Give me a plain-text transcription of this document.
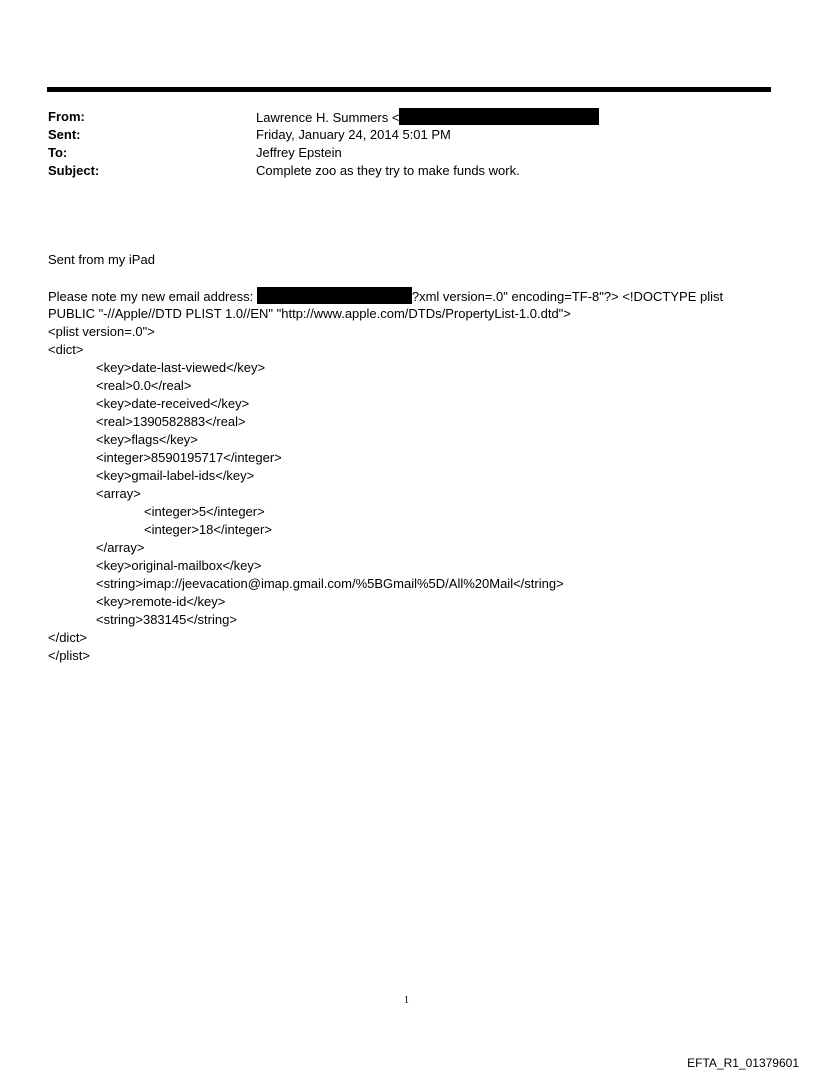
From:	Lawrence H. Summers <
Sent:	Friday, January 24, 2014 5:01 PM
To:	Jeffrey Epstein
Subject:	Complete zoo as they try to make funds work.
Sent from my iPad
Please note my new email address:	?xml version=.0" encoding=TF-8"?> <!DOCTYPE plist
PUBLIC "-//Apple//DTD PLIST 1.0//EN" "http://www.apple.com/DTDs/PropertyList-1.0.dtd">
<plist version=.0">
<dict>
<key>date-last-viewed</key>
<real>0.0</real>
<key>date-received</key>
<real>1390582883</real>
<key>flags</key>
<integer>8590195717</integer>
<key>gmail-label-ids</key>
<array>
<integer>5</integer>
<integer>18</integer>
</array>
<key>original-mailbox</key>
<string>imap://jeevacation@imap.gmail.com/%5BGmail%5D/All%20Mail</string>
<key>remote-id</key>
<string>383145</string>
</dict>
</plist>
1
EFTA_R1_01379601
